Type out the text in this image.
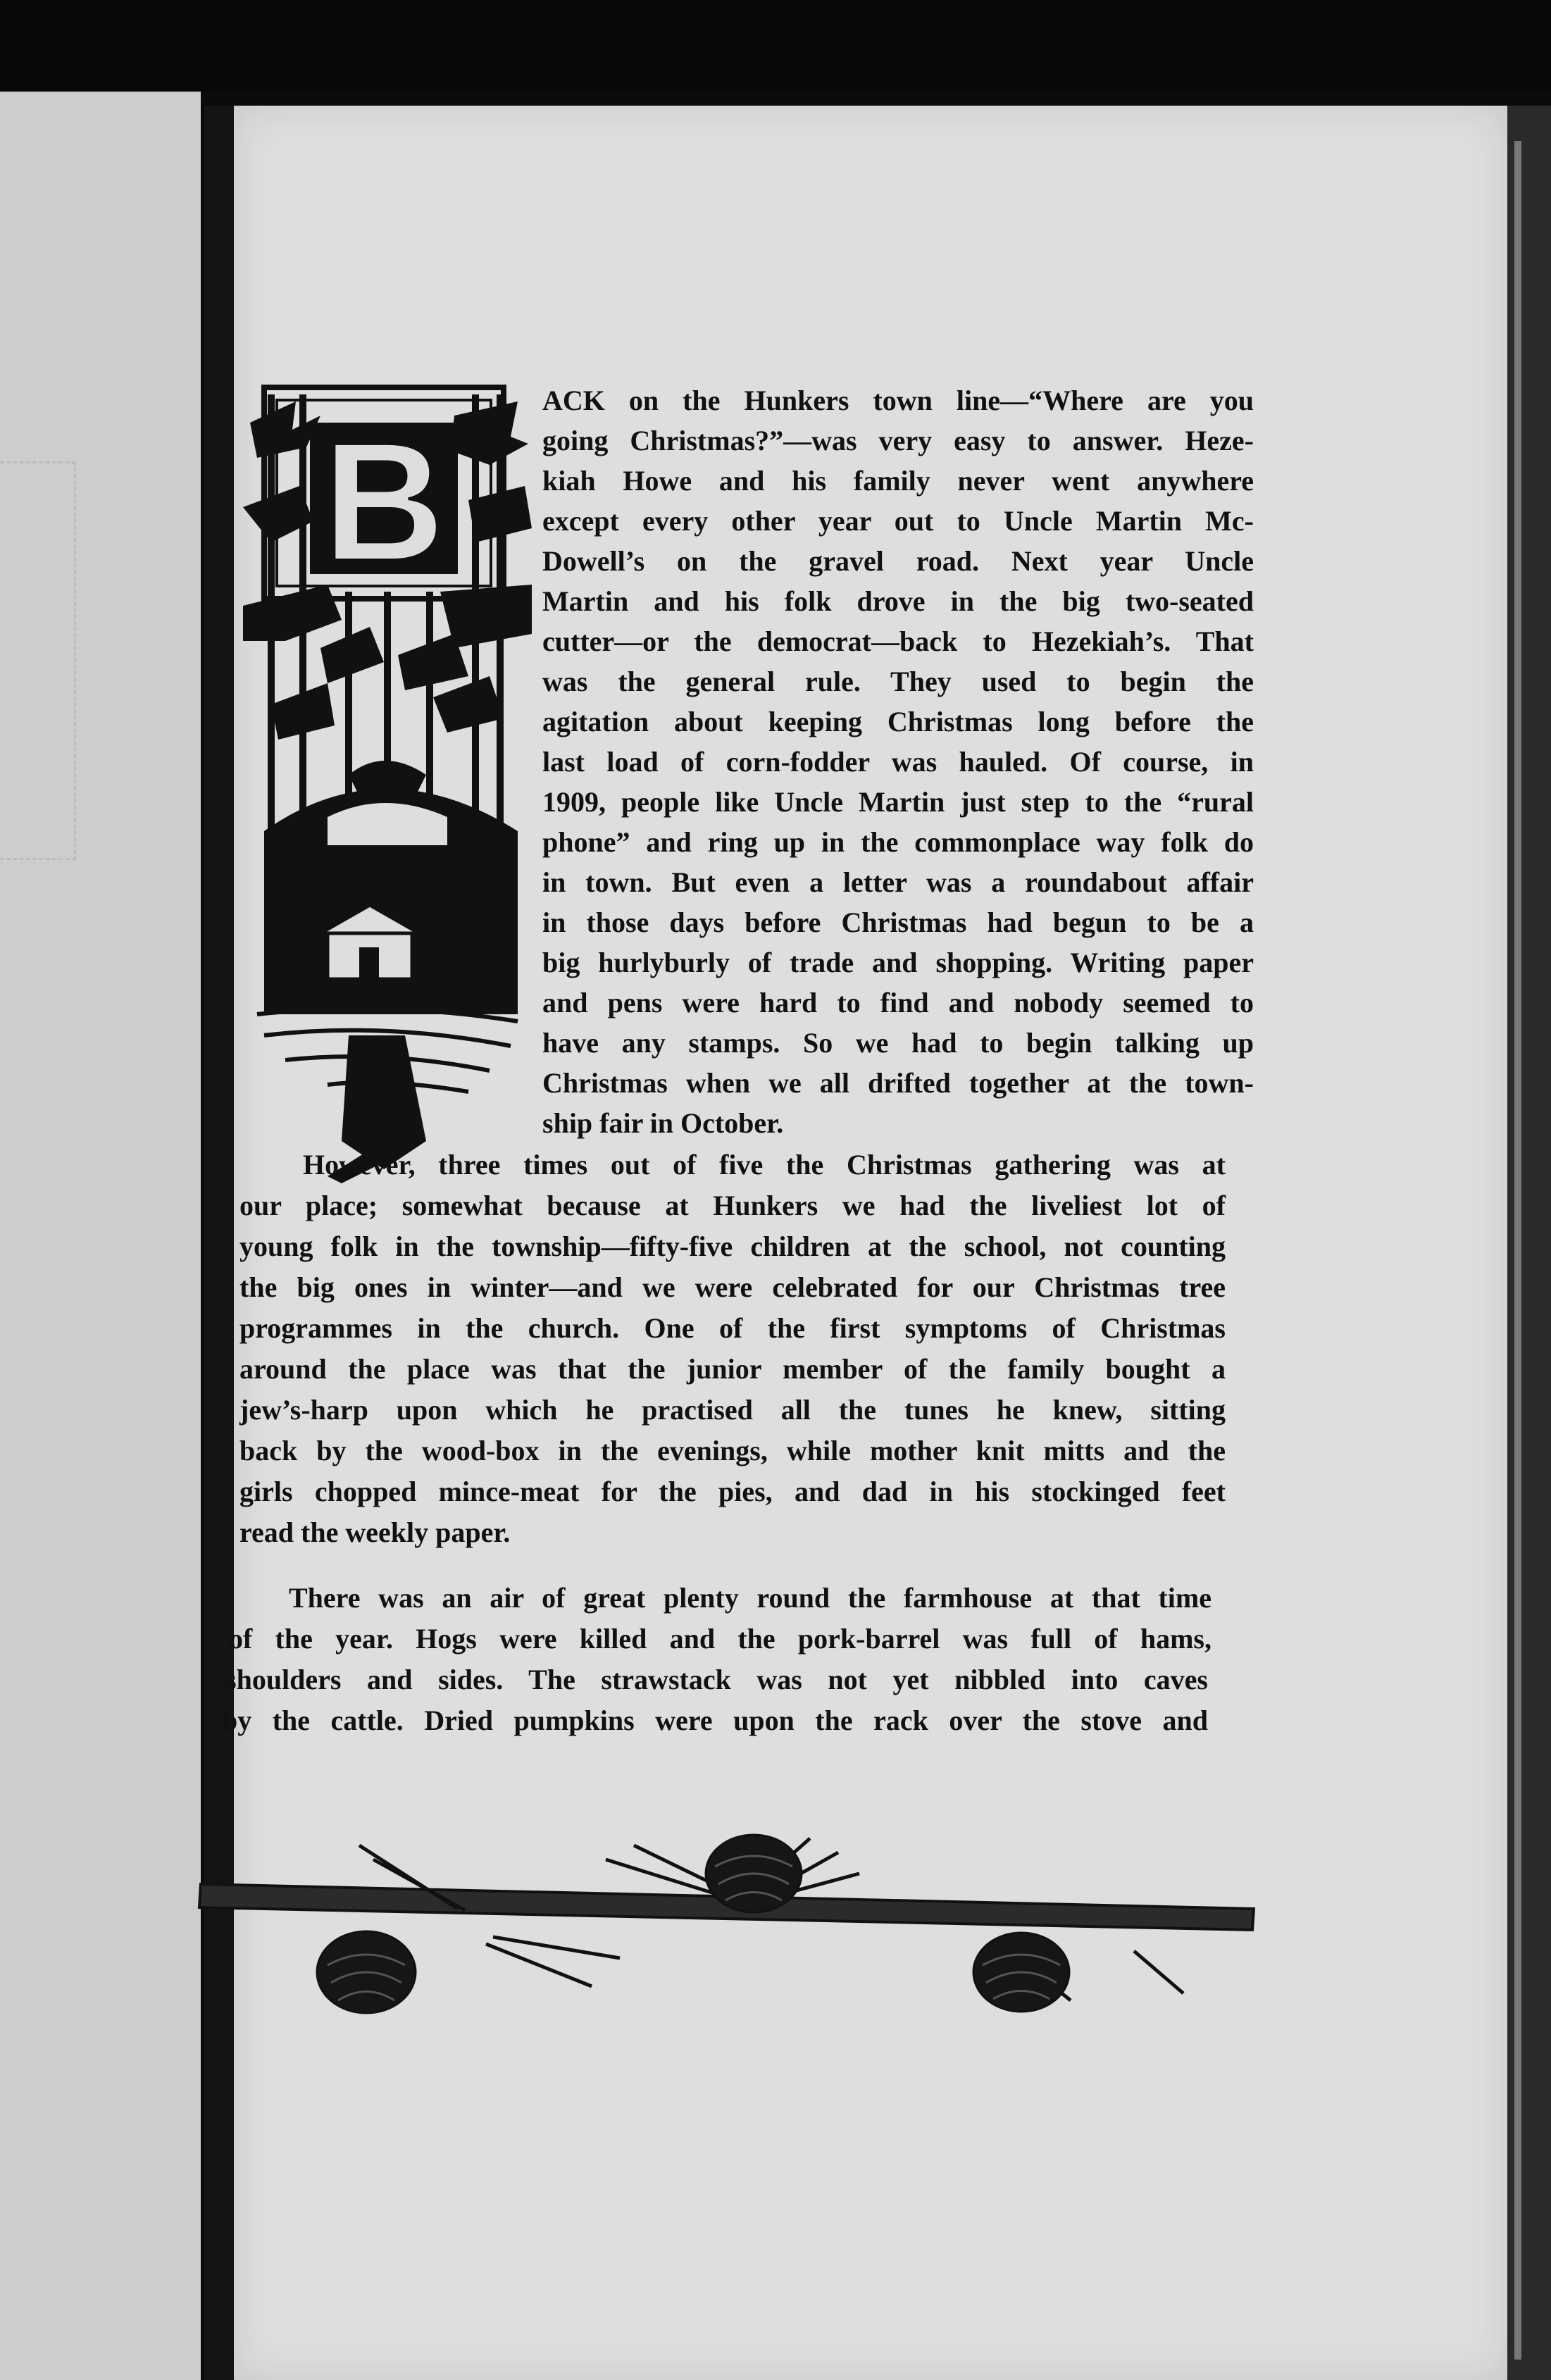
B

ACK on the Hunkers town line—“Where are you

going Christmas?”—was very easy to answer. Heze-

kiah Howe and his family never went anywhere

except every other year out to Uncle Martin Mc-

Dowell’s on the gravel road. Next year Uncle

Martin and his folk drove in the big two-seated

cutter—or the democrat—back to Hezekiah’s. That

was the general rule. They used to begin the

agitation about keeping Christmas long before the

last load of corn-fodder was hauled. Of course, in

1909, people like Uncle Martin just step to the “rural

phone” and ring up in the commonplace way folk do

in town. But even a letter was a roundabout affair

in those days before Christmas had begun to be a

big hurlyburly of trade and shopping. Writing paper

and pens were hard to find and nobody seemed to

have any stamps. So we had to begin talking up

Christmas when we all drifted together at the town-

ship fair in October.

However, three times out of five the Christmas gathering was at

our place; somewhat because at Hunkers we had the liveliest lot of

young folk in the township—fifty-five children at the school, not counting

the big ones in winter—and we were celebrated for our Christmas tree

programmes in the church. One of the first symptoms of Christmas

around the place was that the junior member of the family bought a

jew’s-harp upon which he practised all the tunes he knew, sitting

back by the wood-box in the evenings, while mother knit mitts and the

girls chopped mince-meat for the pies, and dad in his stockinged feet

read the weekly paper.

There was an air of great plenty round the farmhouse at that time

of the year. Hogs were killed and the pork-barrel was full of hams,

shoulders and sides. The strawstack was not yet nibbled into caves

by the cattle. Dried pumpkins were upon the rack over the stove and
